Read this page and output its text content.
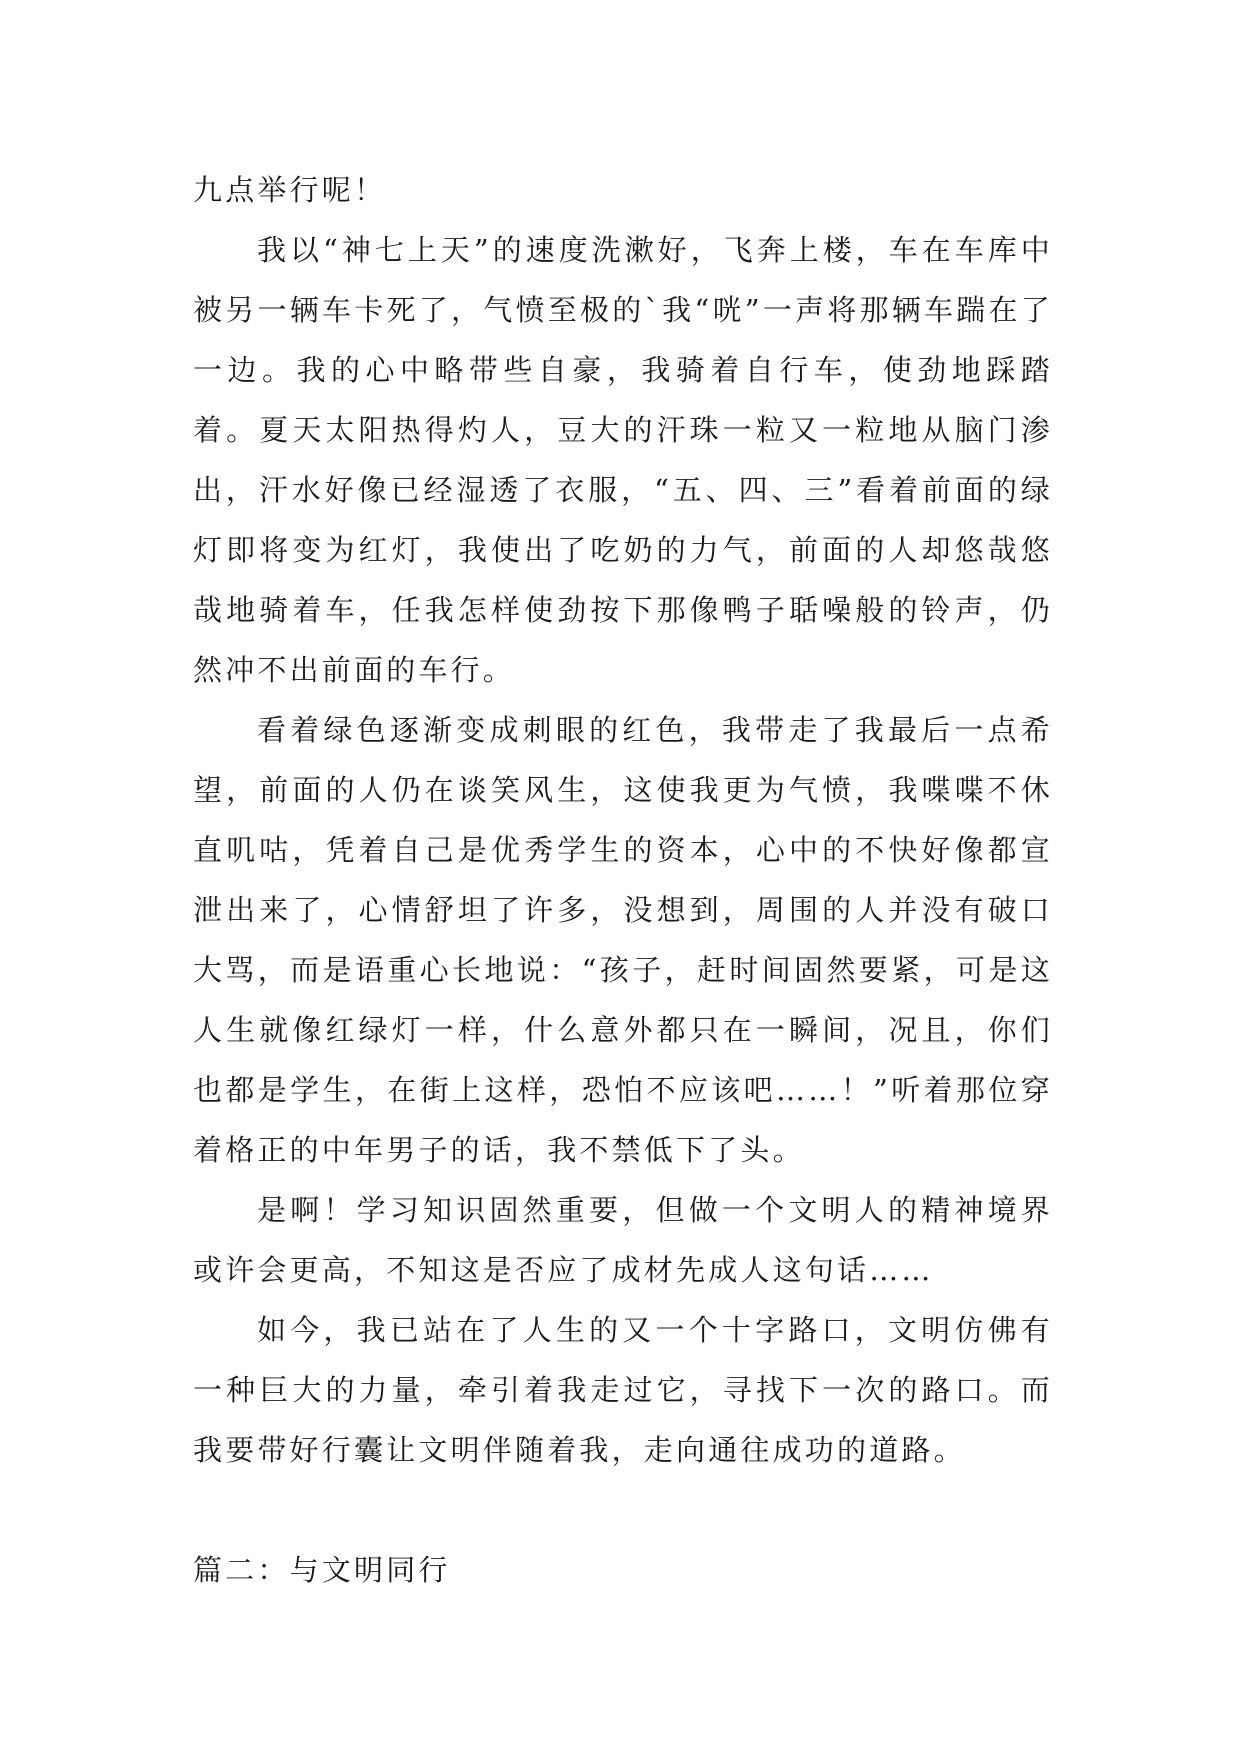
九点举行呢！

我以“神七上天”的速度洗漱好，飞奔上楼，车在车库中被另一辆车卡死了，气愤至极的`我“咣”一声将那辆车踹在了一边。我的心中略带些自豪，我骑着自行车，使劲地踩踏着。夏天太阳热得灼人，豆大的汗珠一粒又一粒地从脑门渗出，汗水好像已经湿透了衣服，“五、四、三”看着前面的绿灯即将变为红灯，我使出了吃奶的力气，前面的人却悠哉悠哉地骑着车，任我怎样使劲按下那像鸭子聒噪般的铃声，仍然冲不出前面的车行。

看着绿色逐渐变成刺眼的红色，我带走了我最后一点希望，前面的人仍在谈笑风生，这使我更为气愤，我喋喋不休直叽咕，凭着自己是优秀学生的资本，心中的不快好像都宣泄出来了，心情舒坦了许多，没想到，周围的人并没有破口大骂，而是语重心长地说：“孩子，赶时间固然要紧，可是这人生就像红绿灯一样，什么意外都只在一瞬间，况且，你们也都是学生，在街上这样，恐怕不应该吧……！”听着那位穿着格正的中年男子的话，我不禁低下了头。

是啊！学习知识固然重要，但做一个文明人的精神境界或许会更高，不知这是否应了成材先成人这句话……

如今，我已站在了人生的又一个十字路口，文明仿佛有一种巨大的力量，牵引着我走过它，寻找下一次的路口。而我要带好行囊让文明伴随着我，走向通往成功的道路。

篇二：与文明同行
